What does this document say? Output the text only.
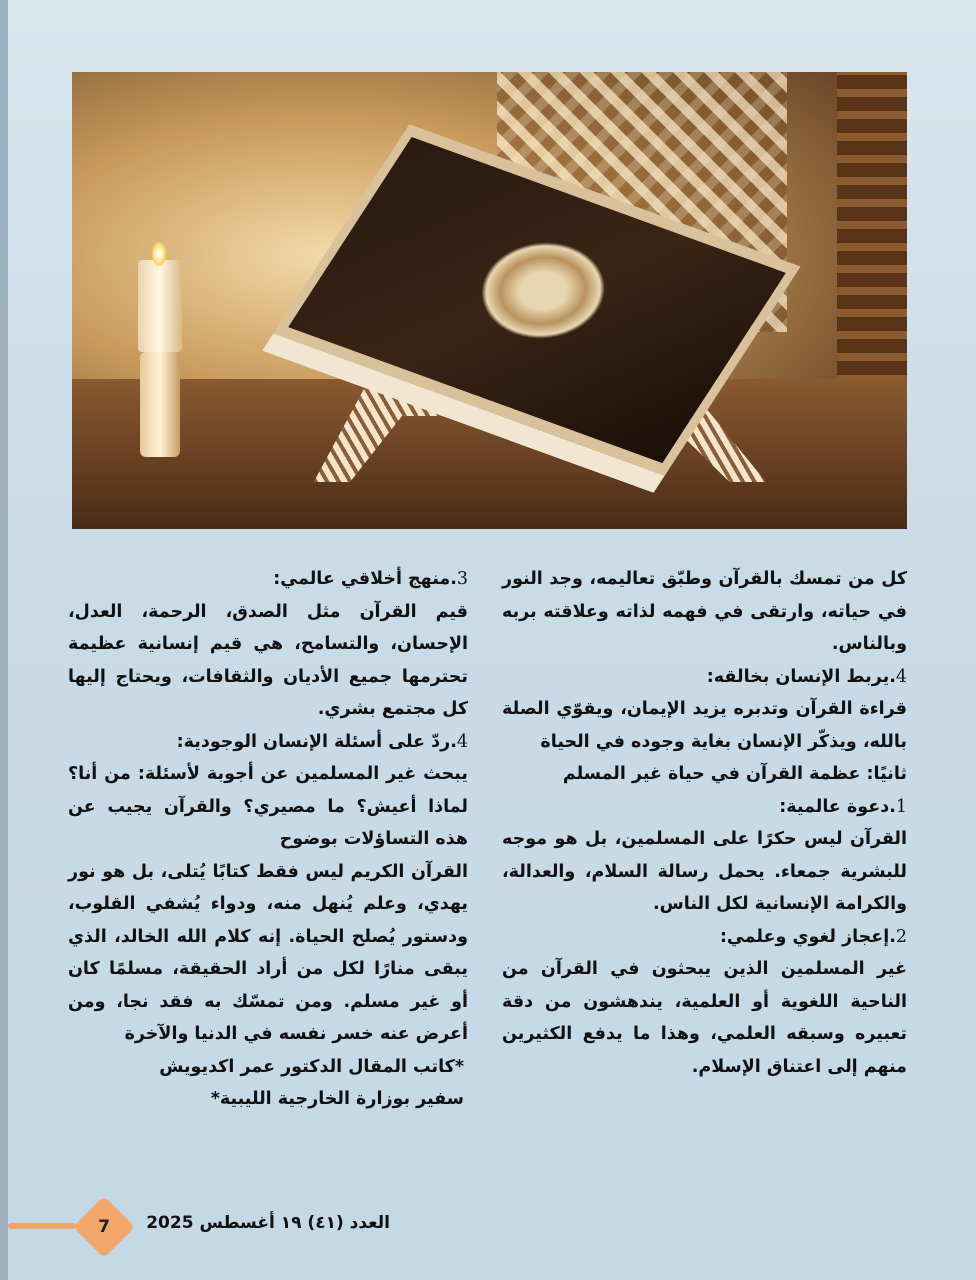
كل من تمسك بالقرآن وطبّق تعاليمه، وجد النور في حياته، وارتقى في فهمه لذاته وعلاقته بربه وبالناس.

4.يربط الإنسان بخالقه:

قراءة القرآن وتدبره يزيد الإيمان، ويقوّي الصلة بالله، ويذكّر الإنسان بغاية وجوده في الحياة

ثانيًا: عظمة القرآن في حياة غير المسلم

1.دعوة عالمية:

القرآن ليس حكرًا على المسلمين، بل هو موجه للبشرية جمعاء. يحمل رسالة السلام، والعدالة، والكرامة الإنسانية لكل الناس.

2.إعجاز لغوي وعلمي:

غير المسلمين الذين يبحثون في القرآن من الناحية اللغوية أو العلمية، يندهشون من دقة تعبيره وسبقه العلمي، وهذا ما يدفع الكثيرين منهم إلى اعتناق الإسلام.

3.منهج أخلاقي عالمي:

قيم القرآن مثل الصدق، الرحمة، العدل، الإحسان، والتسامح، هي قيم إنسانية عظيمة تحترمها جميع الأديان والثقافات، ويحتاج إليها كل مجتمع بشري.

4.ردّ على أسئلة الإنسان الوجودية:

يبحث غير المسلمين عن أجوبة لأسئلة: من أنا؟ لماذا أعيش؟ ما مصيري؟ والقرآن يجيب عن هذه التساؤلات بوضوح

القرآن الكريم ليس فقط كتابًا يُتلى، بل هو نور يهدي، وعلم يُنهل منه، ودواء يُشفي القلوب، ودستور يُصلح الحياة. إنه كلام الله الخالد، الذي يبقى منارًا لكل من أراد الحقيقة، مسلمًا كان أو غير مسلم. ومن تمسّك به فقد نجا، ومن أعرض عنه خسر نفسه في الدنيا والآخرة

*كاتب المقال الدكتور عمر اكديويش

سفير بوزارة الخارجية الليبية*

7	العدد (٤١) ١٩ أغسطس 2025
